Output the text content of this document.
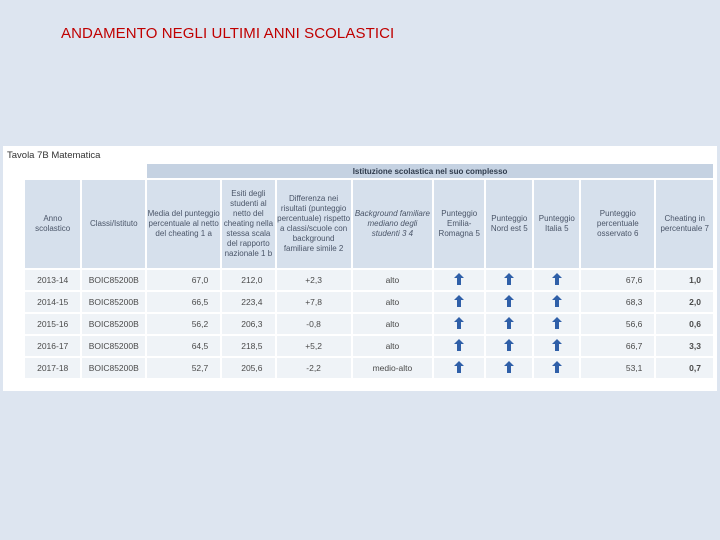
ANDAMENTO NEGLI ULTIMI ANNI SCOLASTICI
Tavola 7B Matematica
		Istituzione scolastica nel suo complesso								
Anno scolastico	Classi/Istituto	Media del punteggio percentuale al netto del cheating 1 a	Esiti degli studenti al netto del cheating nella stessa scala del rapporto nazionale 1 b	Differenza nei risultati (punteggio percentuale) rispetto a classi/scuole con background familiare simile 2	Background familiare mediano degli studenti 3 4	Punteggio Emilia-Romagna 5	Punteggio Nord est 5	Punteggio Italia 5	Punteggio percentuale osservato 6	Cheating in percentuale 7
2013-14	BOIC85200B	67,0	212,0	+2,3	alto				67,6	1,0
2014-15	BOIC85200B	66,5	223,4	+7,8	alto				68,3	2,0
2015-16	BOIC85200B	56,2	206,3	-0,8	alto				56,6	0,6
2016-17	BOIC85200B	64,5	218,5	+5,2	alto				66,7	3,3
2017-18	BOIC85200B	52,7	205,6	-2,2	medio-alto				53,1	0,7
